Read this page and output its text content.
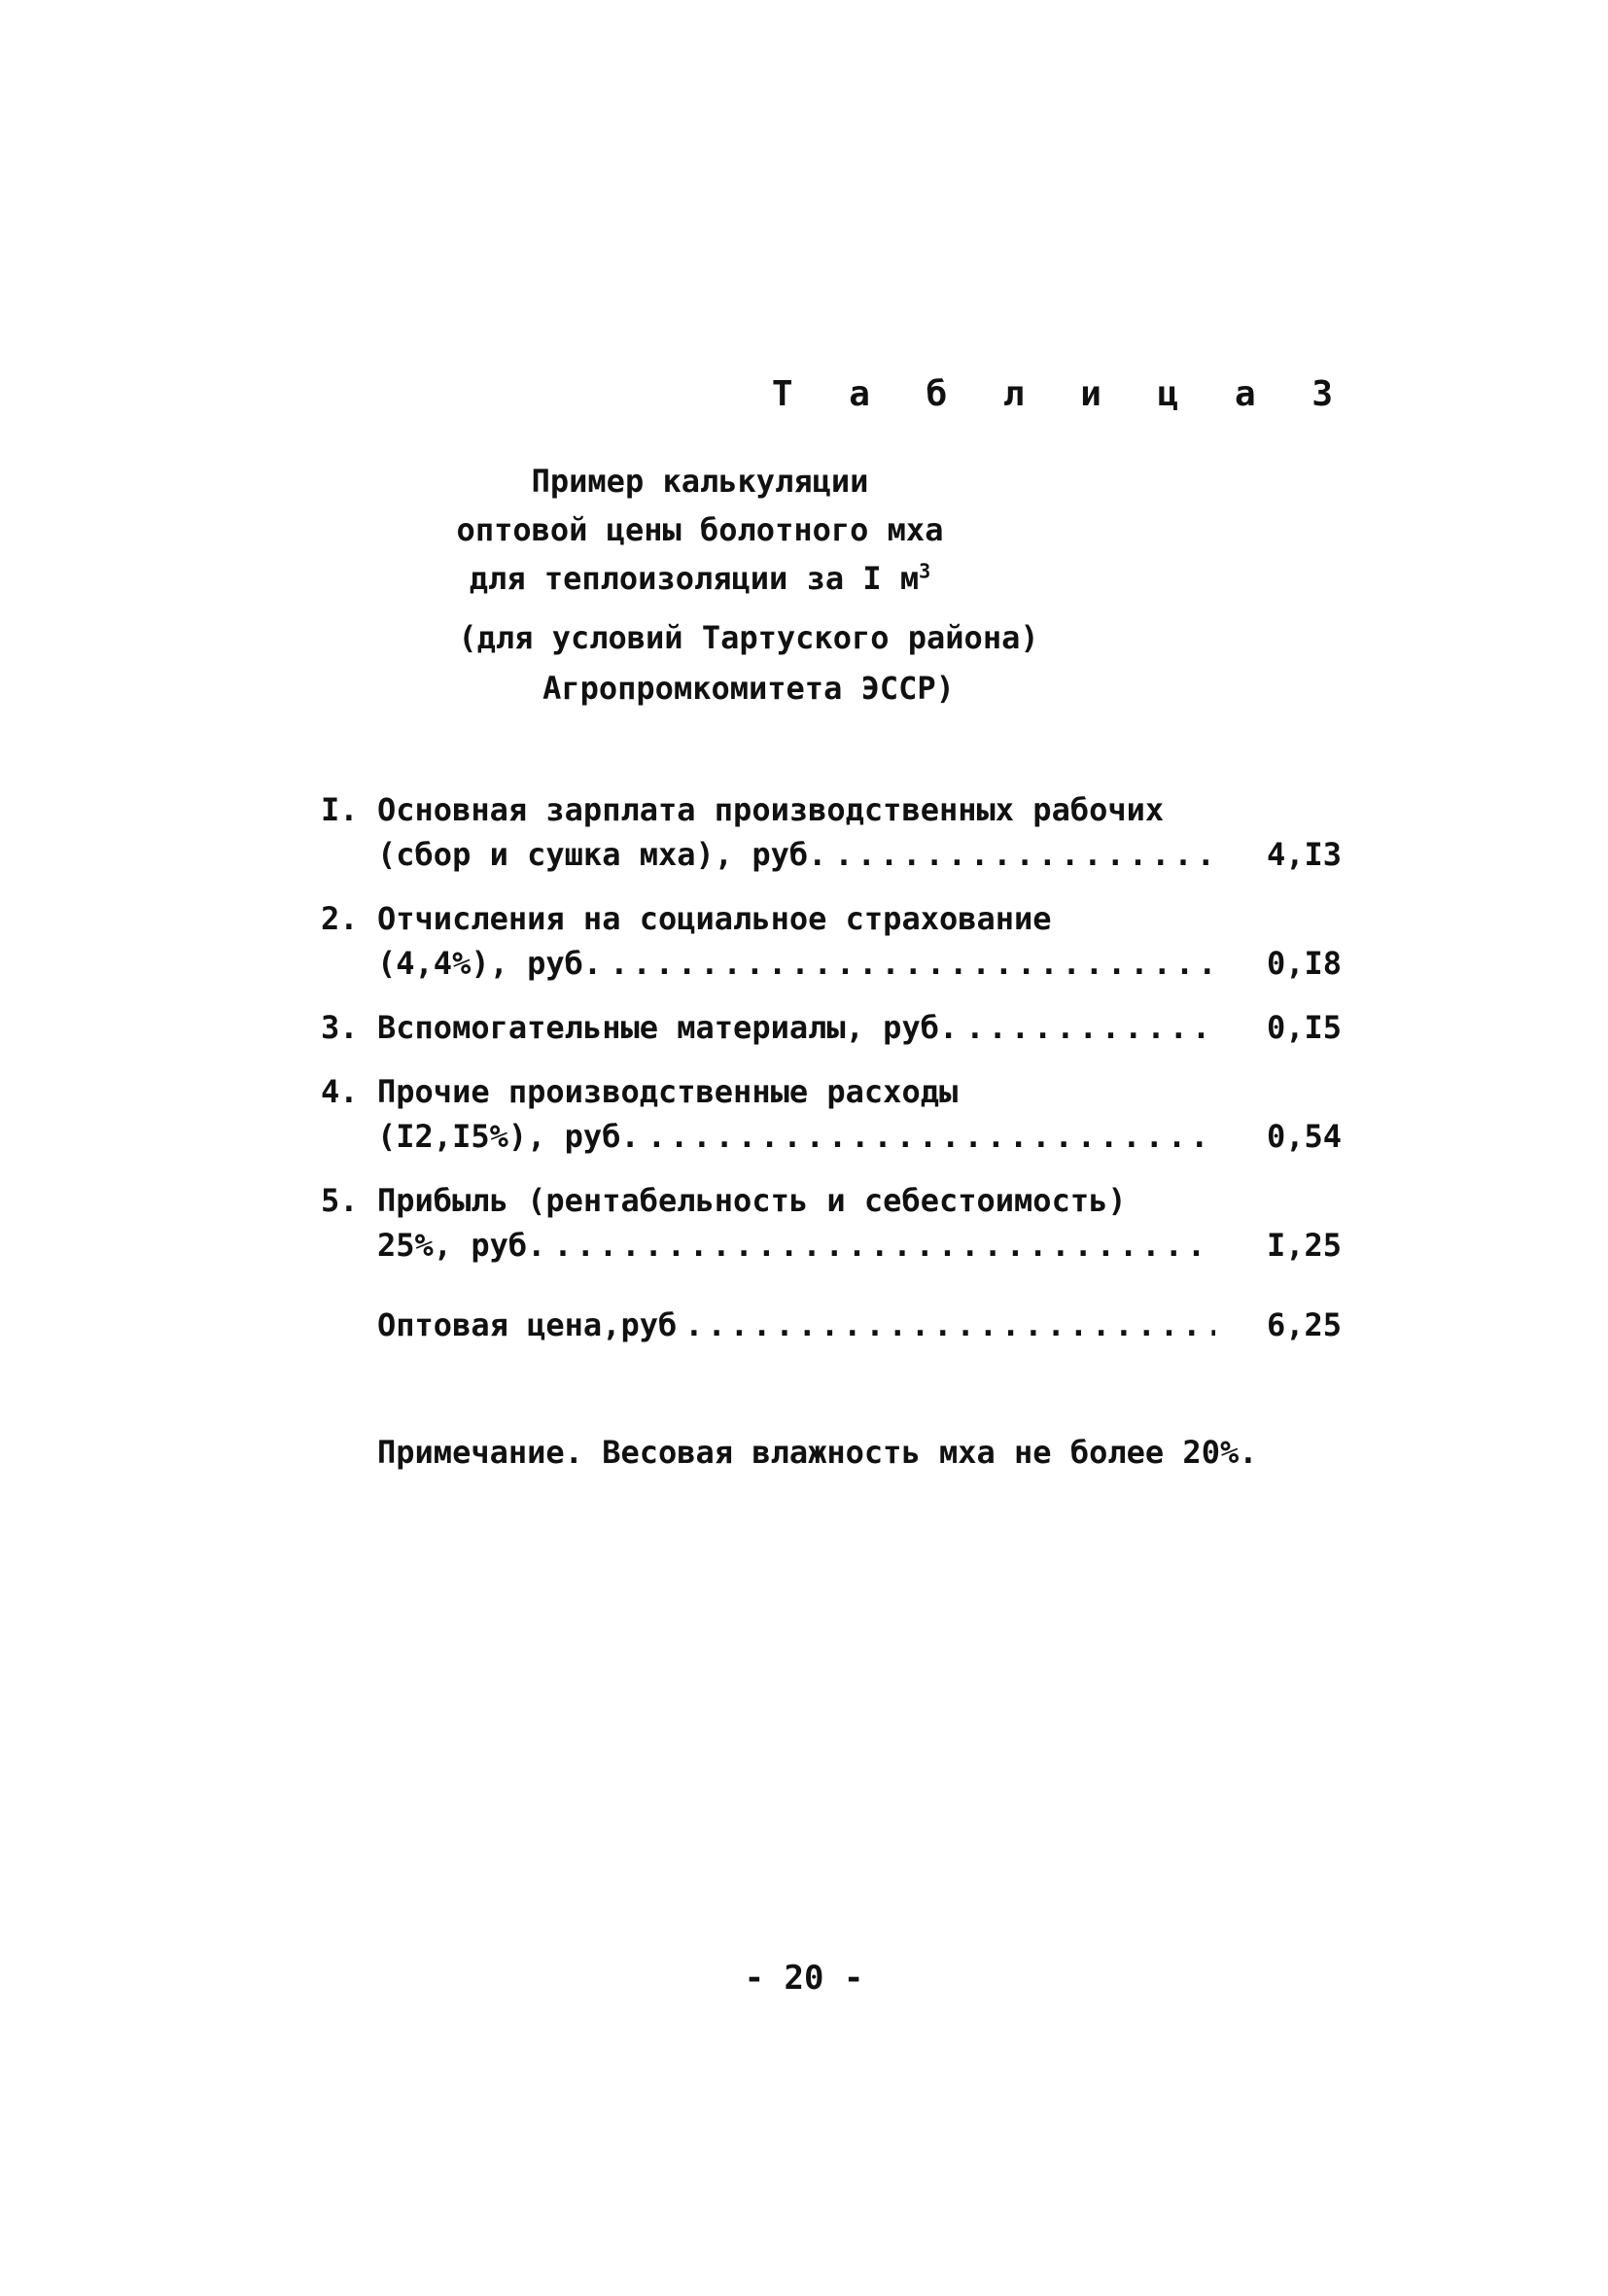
Т а б л и ц а 3
Пример калькуляции
оптовой цены болотного мха
для теплоизоляции за I $м^3$
(для условий Тартуского района)
Агропромкомитета ЭССР)
I. Основная зарплата производственных рабочих
(сбор и сушка мха), руб. .....	4,I3
2. Отчисления на социальное страхование
(4,4%), руб. .....	0,I8
3. Вспомогательные материалы, руб. .....	0,I5
4. Прочие производственные расходы
(I2,I5%), руб. .....	0,54
5. Прибыль (рентабельность и себестоимость)
25%, руб. .....	I,25
Оптовая цена,руб .....	6,25
Примечание. Весовая влажность мха не более 20%.
- 20 -
